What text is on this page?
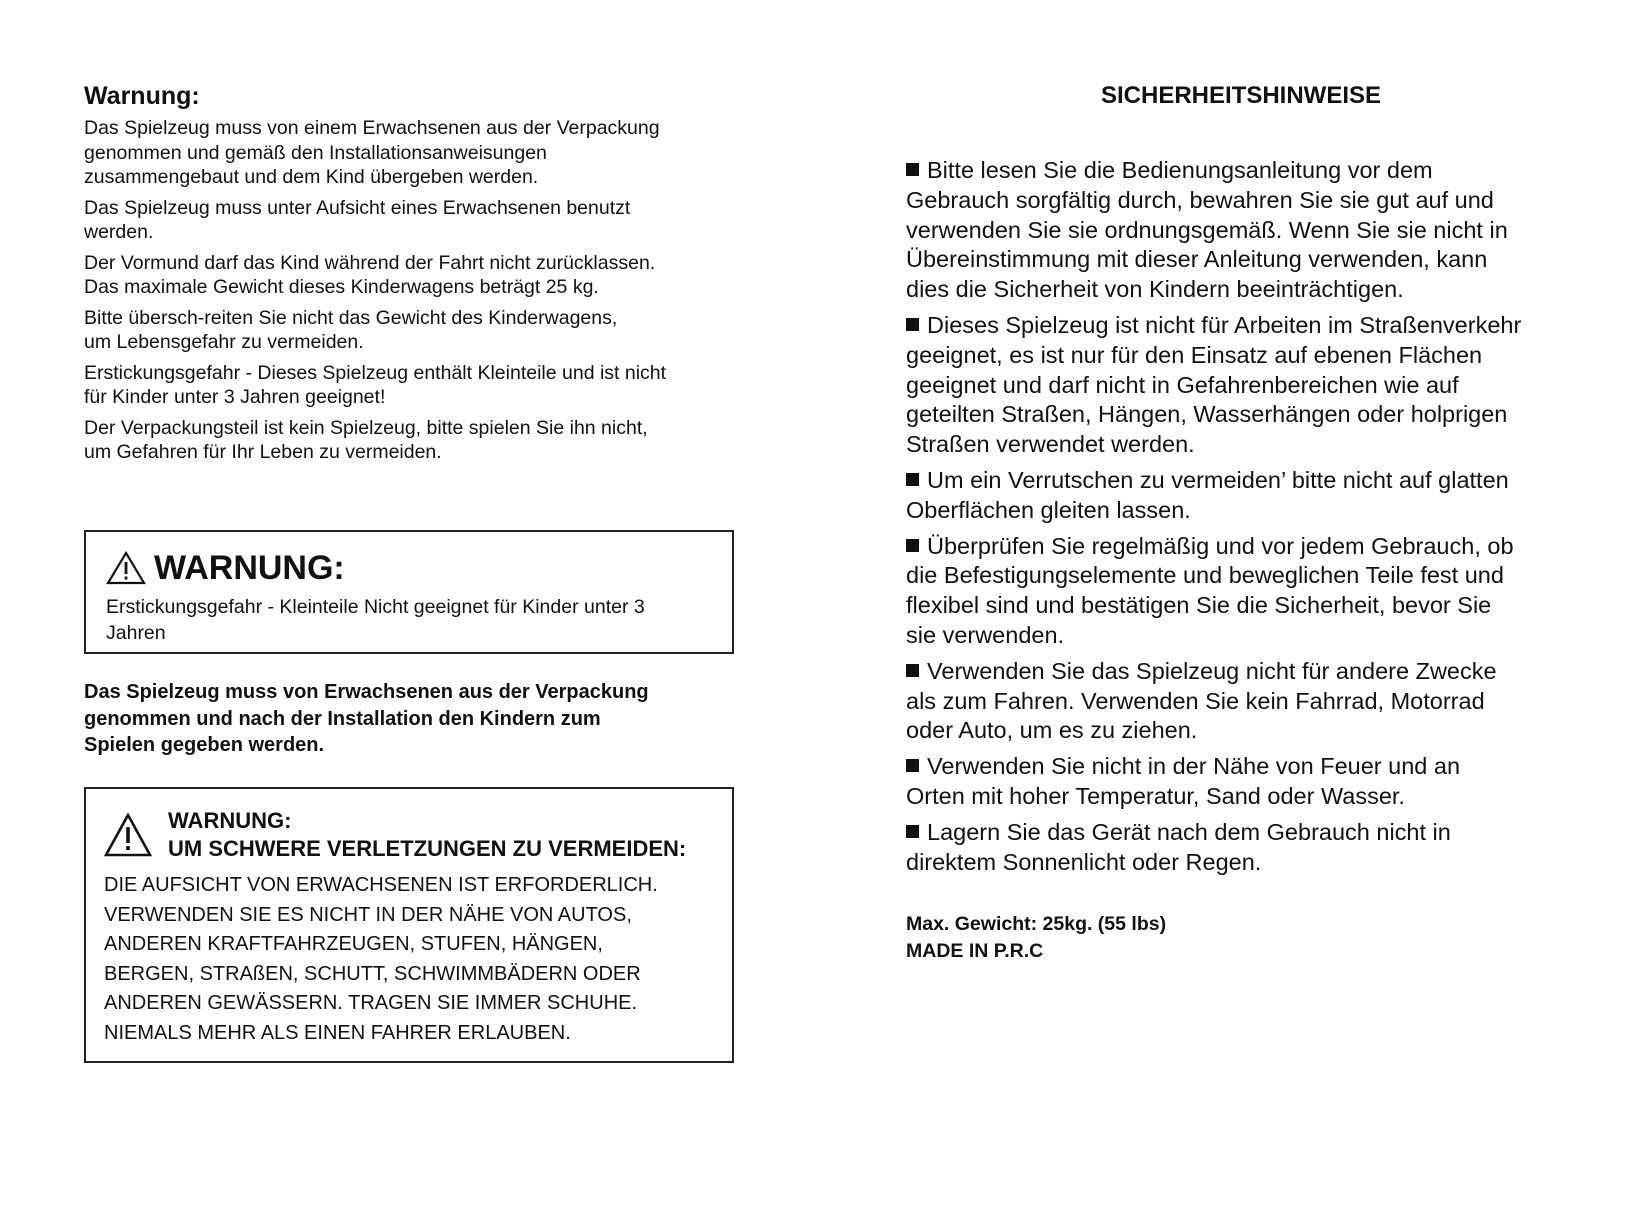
Warnung:
Das Spielzeug muss von einem Erwachsenen aus der Verpackung
genommen und gemäß den Installationsanweisungen
zusammengebaut und dem Kind übergeben werden.
Das Spielzeug muss unter Aufsicht eines Erwachsenen benutzt
werden.
Der Vormund darf das Kind während der Fahrt nicht zurücklassen.
Das maximale Gewicht dieses Kinderwagens beträgt 25 kg.
Bitte übersch-reiten Sie nicht das Gewicht des Kinderwagens,
um Lebensgefahr zu vermeiden.
Erstickungsgefahr - Dieses Spielzeug enthält Kleinteile und ist nicht
für Kinder unter 3 Jahren geeignet!
Der Verpackungsteil ist kein Spielzeug, bitte spielen Sie ihn nicht,
um Gefahren für Ihr Leben zu vermeiden.
WARNUNG:
Erstickungsgefahr - Kleinteile Nicht geeignet für Kinder unter 3 Jahren
Das Spielzeug muss von Erwachsenen aus der Verpackung
genommen und nach der Installation den Kindern zum
Spielen gegeben werden.
WARNUNG:
UM SCHWERE VERLETZUNGEN ZU VERMEIDEN:
DIE AUFSICHT VON ERWACHSENEN IST ERFORDERLICH.
VERWENDEN SIE ES NICHT IN DER NÄHE VON AUTOS,
ANDEREN KRAFTFAHRZEUGEN, STUFEN, HÄNGEN,
BERGEN, STRAßEN, SCHUTT, SCHWIMMBÄDERN ODER
ANDEREN GEWÄSSERN. TRAGEN SIE IMMER SCHUHE.
NIEMALS MEHR ALS EINEN FAHRER ERLAUBEN.
SICHERHEITSHINWEISE
Bitte lesen Sie die Bedienungsanleitung vor dem
Gebrauch sorgfältig durch, bewahren Sie sie gut auf und
verwenden Sie sie ordnungsgemäß. Wenn Sie sie nicht in
Übereinstimmung mit dieser Anleitung verwenden, kann
dies die Sicherheit von Kindern beeinträchtigen.
Dieses Spielzeug ist nicht für Arbeiten im Straßenverkehr
geeignet, es ist nur für den Einsatz auf ebenen Flächen
geeignet und darf nicht in Gefahrenbereichen wie auf
geteilten Straßen, Hängen, Wasserhängen oder holprigen
Straßen verwendet werden.
Um ein Verrutschen zu vermeiden’ bitte nicht auf glatten
Oberflächen gleiten lassen.
Überprüfen Sie regelmäßig und vor jedem Gebrauch, ob
die Befestigungselemente und beweglichen Teile fest und
flexibel sind und bestätigen Sie die Sicherheit, bevor Sie
sie verwenden.
Verwenden Sie das Spielzeug nicht für andere Zwecke
als zum Fahren. Verwenden Sie kein Fahrrad, Motorrad
oder Auto, um es zu ziehen.
Verwenden Sie nicht in der Nähe von Feuer und an
Orten mit hoher Temperatur, Sand oder Wasser.
Lagern Sie das Gerät nach dem Gebrauch nicht in
direktem Sonnenlicht oder Regen.
Max. Gewicht: 25kg. (55 lbs)
MADE IN P.R.C
